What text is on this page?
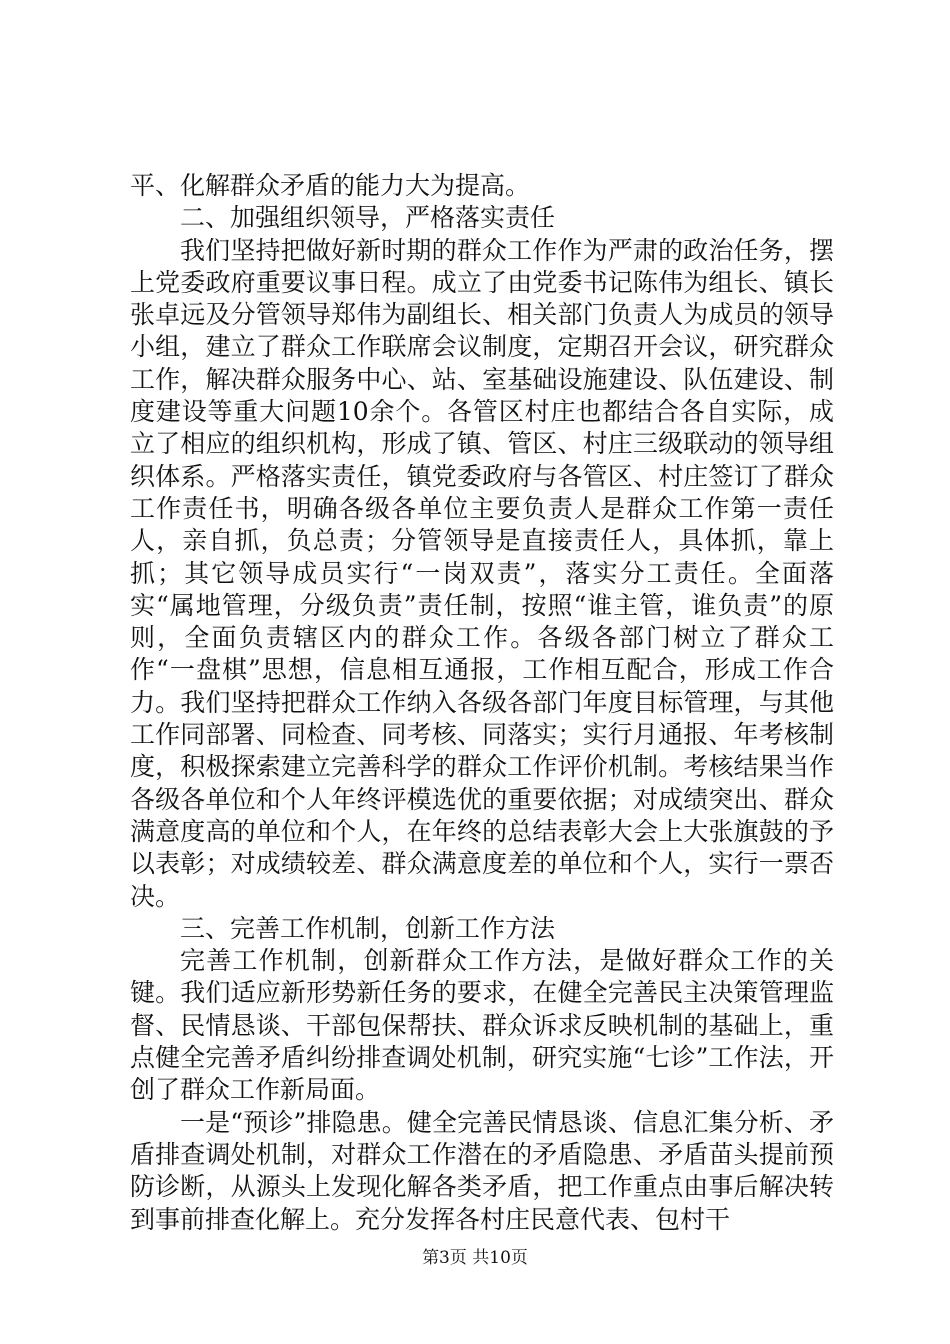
平、化解群众矛盾的能力大为提高。

二、加强组织领导，严格落实责任

我们坚持把做好新时期的群众工作作为严肃的政治任务，摆上党委政府重要议事日程。成立了由党委书记陈伟为组长、镇长张卓远及分管领导郑伟为副组长、相关部门负责人为成员的领导小组，建立了群众工作联席会议制度，定期召开会议，研究群众工作，解决群众服务中心、站、室基础设施建设、队伍建设、制度建设等重大问题10余个。各管区村庄也都结合各自实际，成立了相应的组织机构，形成了镇、管区、村庄三级联动的领导组织体系。严格落实责任，镇党委政府与各管区、村庄签订了群众工作责任书，明确各级各单位主要负责人是群众工作第一责任人，亲自抓，负总责；分管领导是直接责任人，具体抓，靠上抓；其它领导成员实行“一岗双责”，落实分工责任。全面落实“属地管理，分级负责”责任制，按照“谁主管，谁负责”的原则，全面负责辖区内的群众工作。各级各部门树立了群众工作“一盘棋”思想，信息相互通报，工作相互配合，形成工作合力。我们坚持把群众工作纳入各级各部门年度目标管理，与其他工作同部署、同检查、同考核、同落实；实行月通报、年考核制度，积极探索建立完善科学的群众工作评价机制。考核结果当作各级各单位和个人年终评模选优的重要依据；对成绩突出、群众满意度高的单位和个人，在年终的总结表彰大会上大张旗鼓的予以表彰；对成绩较差、群众满意度差的单位和个人，实行一票否决。

三、完善工作机制，创新工作方法

完善工作机制，创新群众工作方法，是做好群众工作的关键。我们适应新形势新任务的要求，在健全完善民主决策管理监督、民情恳谈、干部包保帮扶、群众诉求反映机制的基础上，重点健全完善矛盾纠纷排查调处机制，研究实施“七诊”工作法，开创了群众工作新局面。

一是“预诊”排隐患。健全完善民情恳谈、信息汇集分析、矛盾排查调处机制，对群众工作潜在的矛盾隐患、矛盾苗头提前预防诊断，从源头上发现化解各类矛盾，把工作重点由事后解决转到事前排查化解上。充分发挥各村庄民意代表、包村干

第3页 共10页
